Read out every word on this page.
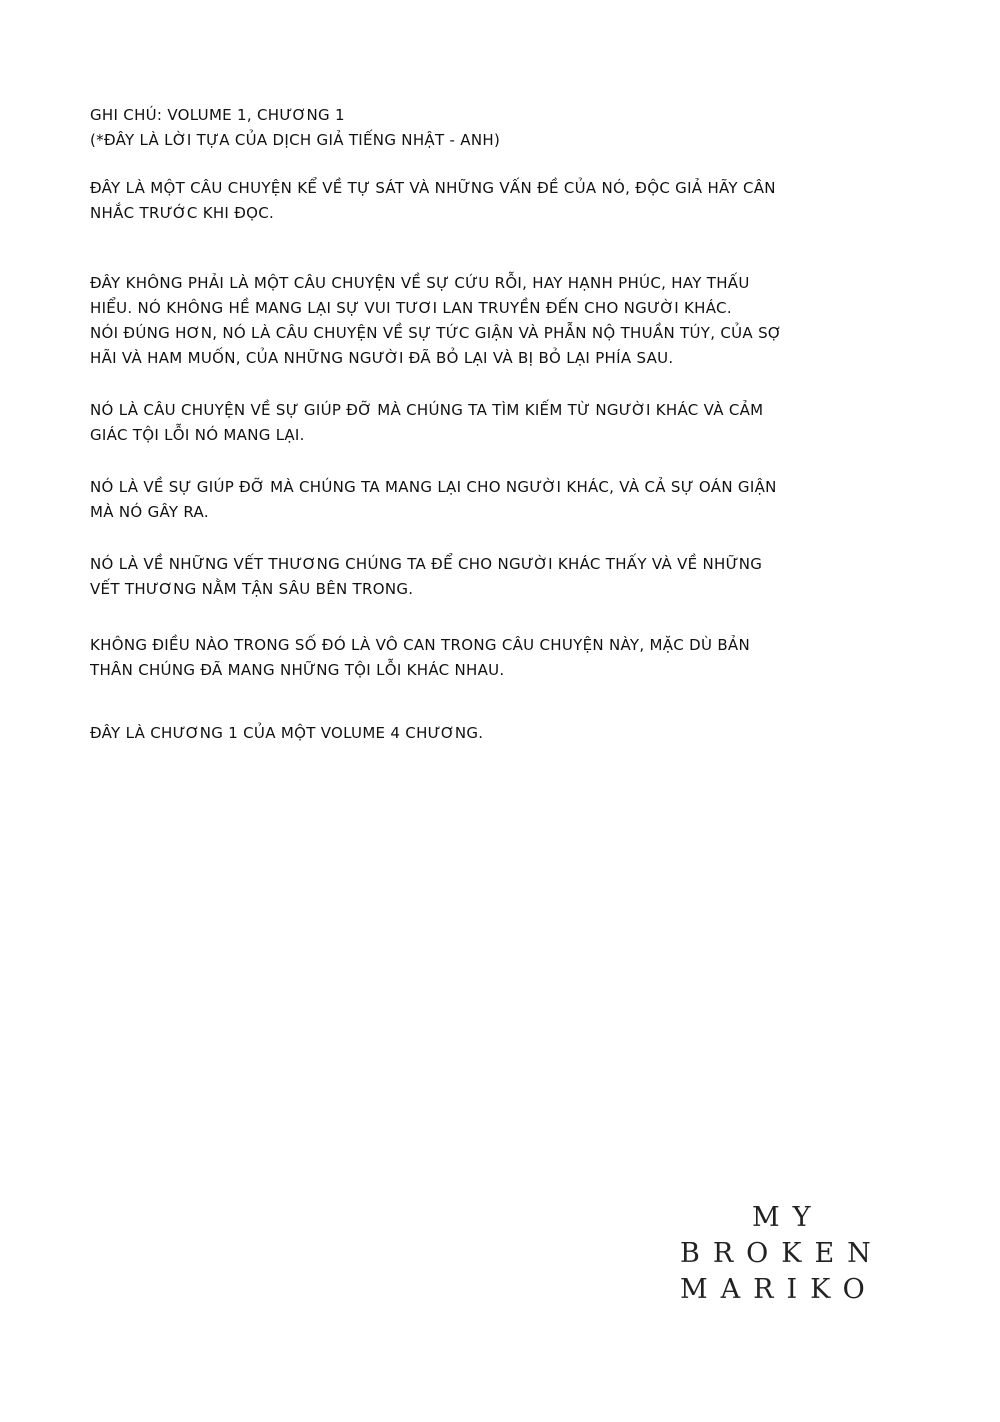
GHI CHÚ: VOLUME 1, CHƯƠNG 1
(*ĐÂY LÀ LỜI TỰA CỦA DỊCH GIẢ TIẾNG NHẬT - ANH)

ĐÂY LÀ MỘT CÂU CHUYỆN KỂ VỀ TỰ SÁT VÀ NHỮNG VẤN ĐỀ CỦA NÓ, ĐỘC GIẢ HÃY CÂN
NHẮC TRƯỚC KHI ĐỌC.

ĐÂY KHÔNG PHẢI LÀ MỘT CÂU CHUYỆN VỀ SỰ CỨU RỖI, HAY HẠNH PHÚC, HAY THẤU
HIỂU. NÓ KHÔNG HỀ MANG LẠI SỰ VUI TƯƠI LAN TRUYỀN ĐẾN CHO NGƯỜI KHÁC.
NÓI ĐÚNG HƠN, NÓ LÀ CÂU CHUYỆN VỀ SỰ TỨC GIẬN VÀ PHẪN NỘ THUẦN TÚY, CỦA SỢ
HÃI VÀ HAM MUỐN, CỦA NHỮNG NGƯỜI ĐÃ BỎ LẠI VÀ BỊ BỎ LẠI PHÍA SAU.

NÓ LÀ CÂU CHUYỆN VỀ SỰ GIÚP ĐỠ MÀ CHÚNG TA TÌM KIẾM TỪ NGƯỜI KHÁC VÀ CẢM
GIÁC TỘI LỖI NÓ MANG LẠI.

NÓ LÀ VỀ SỰ GIÚP ĐỠ MÀ CHÚNG TA MANG LẠI CHO NGƯỜI KHÁC, VÀ CẢ SỰ OÁN GIẬN
MÀ NÓ GÂY RA.

NÓ LÀ VỀ NHỮNG VẾT THƯƠNG CHÚNG TA ĐỂ CHO NGƯỜI KHÁC THẤY VÀ VỀ NHỮNG
VẾT THƯƠNG NẰM TẬN SÂU BÊN TRONG.

KHÔNG ĐIỀU NÀO TRONG SỐ ĐÓ LÀ VÔ CAN TRONG CÂU CHUYỆN NÀY, MẶC DÙ BẢN
THÂN CHÚNG ĐÃ MANG NHỮNG TỘI LỖI KHÁC NHAU.

ĐÂY LÀ CHƯƠNG 1 CỦA MỘT VOLUME 4 CHƯƠNG.

MY
BROKEN
MARIKO
